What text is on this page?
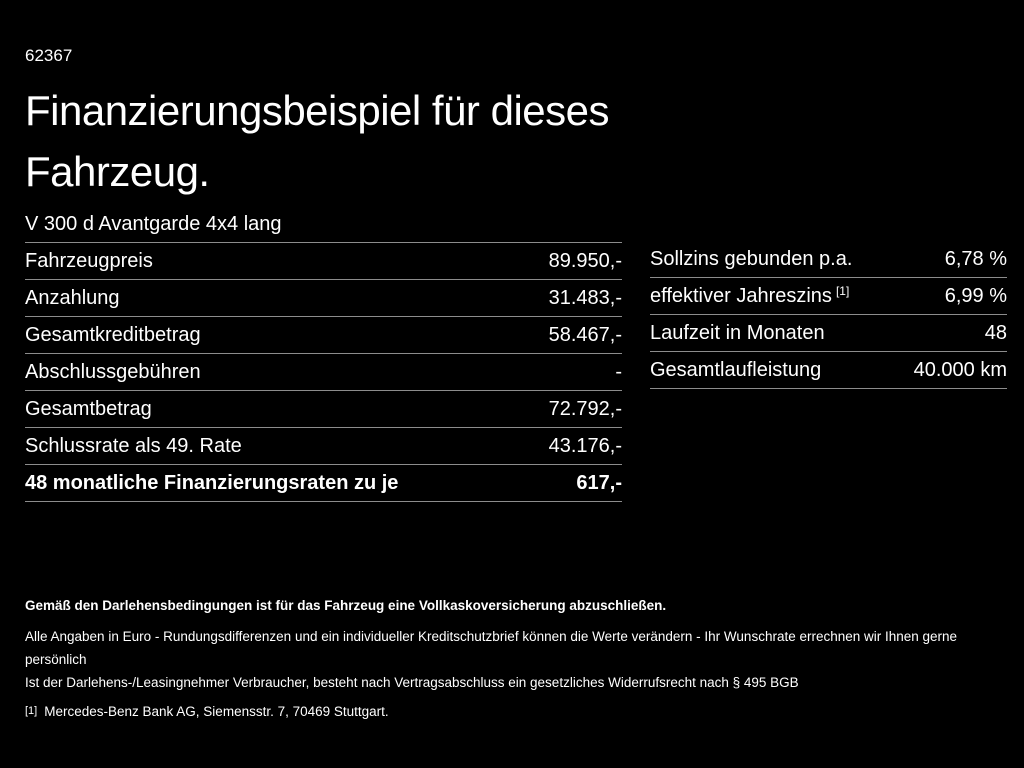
62367
Finanzierungsbeispiel für dieses Fahrzeug.
V 300 d Avantgarde 4x4 lang
Fahrzeugpreis	89.950,-
Anzahlung	31.483,-
Gesamtkreditbetrag	58.467,-
Abschlussgebühren	-
Gesamtbetrag	72.792,-
Schlussrate als 49. Rate	43.176,-
48 monatliche Finanzierungsraten zu je	617,-
Sollzins gebunden p.a.	6,78 %
effektiver Jahreszins [1]	6,99 %
Laufzeit in Monaten	48
Gesamtlaufleistung	40.000 km
Gemäß den Darlehensbedingungen ist für das Fahrzeug eine Vollkaskoversicherung abzuschließen.
Alle Angaben in Euro - Rundungsdifferenzen und ein individueller Kreditschutzbrief können die Werte verändern - Ihr Wunschrate errechnen wir Ihnen gerne persönlich
Ist der Darlehens-/Leasingnehmer Verbraucher, besteht nach Vertragsabschluss ein gesetzliches Widerrufsrecht nach § 495 BGB
[1] Mercedes-Benz Bank AG, Siemensstr. 7, 70469 Stuttgart.
